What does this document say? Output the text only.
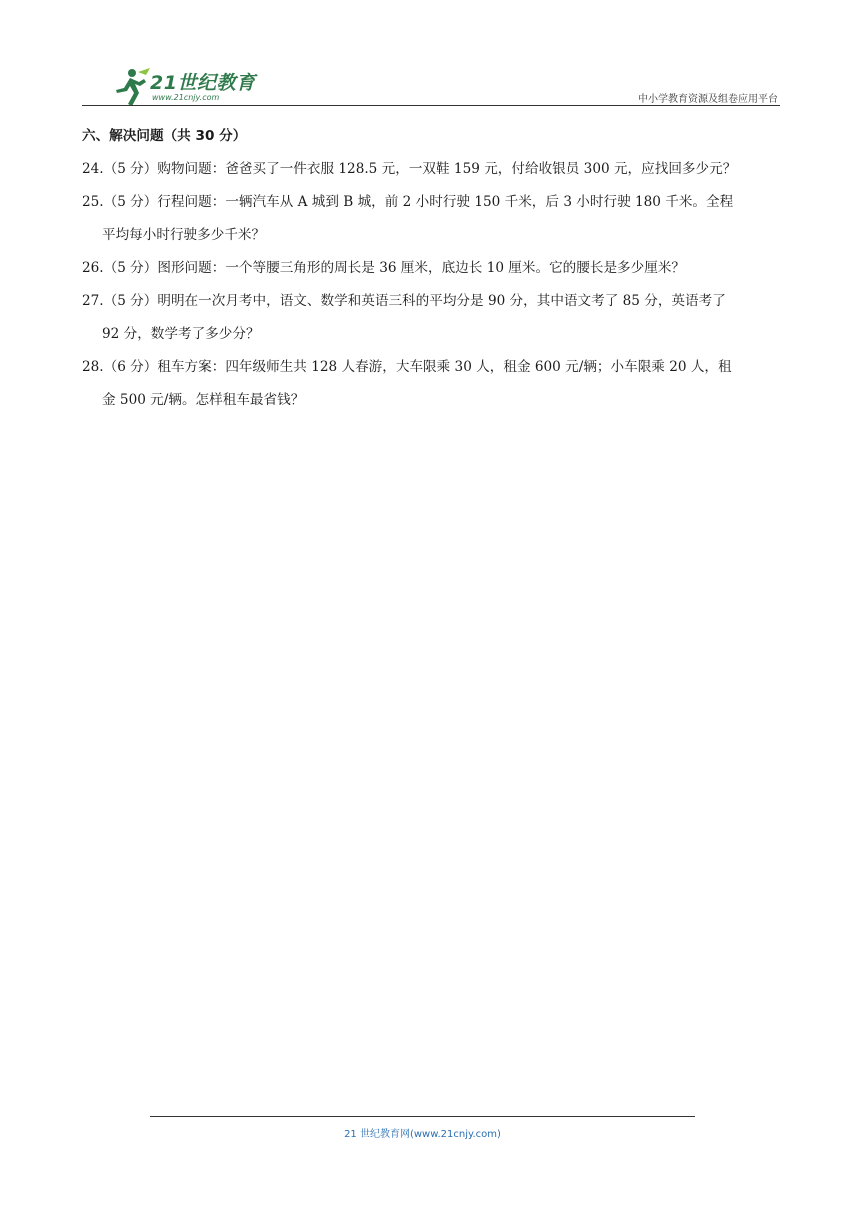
21世纪教育
www.21cnjy.com	中小学教育资源及组卷应用平台
六、解决问题（共 30 分）
24.（5 分）购物问题：爸爸买了一件衣服 128.5 元，一双鞋 159 元，付给收银员 300 元，应找回多少元？
25.（5 分）行程问题：一辆汽车从 A 城到 B 城，前 2 小时行驶 150 千米，后 3 小时行驶 180 千米。全程
平均每小时行驶多少千米？
26.（5 分）图形问题：一个等腰三角形的周长是 36 厘米，底边长 10 厘米。它的腰长是多少厘米？
27.（5 分）明明在一次月考中，语文、数学和英语三科的平均分是 90 分，其中语文考了 85 分，英语考了
92 分，数学考了多少分？
28.（6 分）租车方案：四年级师生共 128 人春游，大车限乘 30 人，租金 600 元/辆；小车限乘 20 人，租
金 500 元/辆。怎样租车最省钱？
21 世纪教育网(www.21cnjy.com)
